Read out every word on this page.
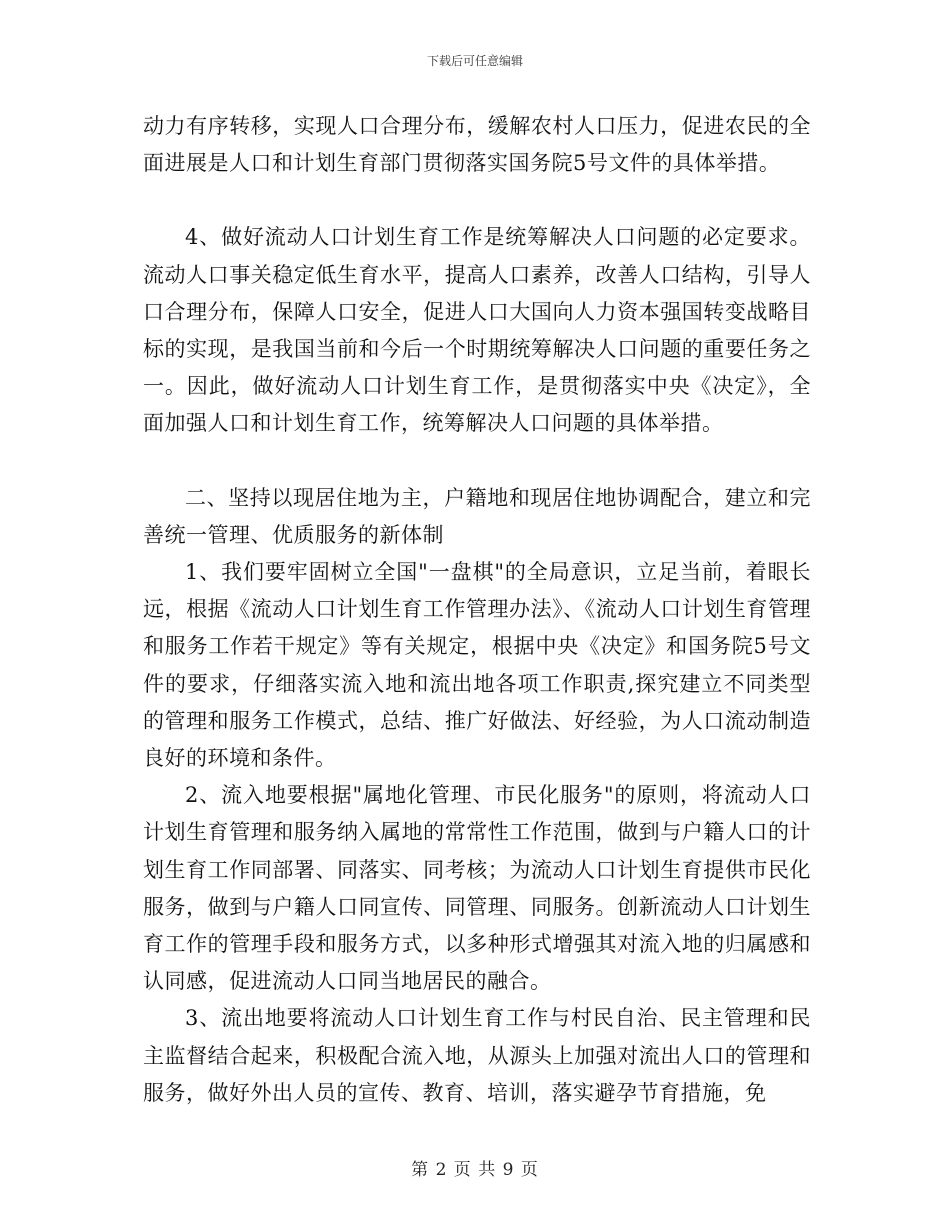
下载后可任意编辑

动力有序转移，实现人口合理分布，缓解农村人口压力，促进农民的全面进展是人口和计划生育部门贯彻落实国务院5号文件的具体举措。

4、做好流动人口计划生育工作是统筹解决人口问题的必定要求。流动人口事关稳定低生育水平，提高人口素养，改善人口结构，引导人口合理分布，保障人口安全，促进人口大国向人力资本强国转变战略目标的实现，是我国当前和今后一个时期统筹解决人口问题的重要任务之一。因此，做好流动人口计划生育工作，是贯彻落实中央《决定》，全面加强人口和计划生育工作，统筹解决人口问题的具体举措。

二、坚持以现居住地为主，户籍地和现居住地协调配合，建立和完善统一管理、优质服务的新体制

1、我们要牢固树立全国"一盘棋"的全局意识，立足当前，着眼长远，根据《流动人口计划生育工作管理办法》、《流动人口计划生育管理和服务工作若干规定》等有关规定，根据中央《决定》和国务院5号文件的要求，仔细落实流入地和流出地各项工作职责,探究建立不同类型的管理和服务工作模式，总结、推广好做法、好经验，为人口流动制造良好的环境和条件。

2、流入地要根据"属地化管理、市民化服务"的原则，将流动人口计划生育管理和服务纳入属地的常常性工作范围，做到与户籍人口的计划生育工作同部署、同落实、同考核；为流动人口计划生育提供市民化服务，做到与户籍人口同宣传、同管理、同服务。创新流动人口计划生育工作的管理手段和服务方式，以多种形式增强其对流入地的归属感和认同感，促进流动人口同当地居民的融合。

3、流出地要将流动人口计划生育工作与村民自治、民主管理和民主监督结合起来，积极配合流入地，从源头上加强对流出人口的管理和服务，做好外出人员的宣传、教育、培训，落实避孕节育措施，免

第 2 页 共 9 页
